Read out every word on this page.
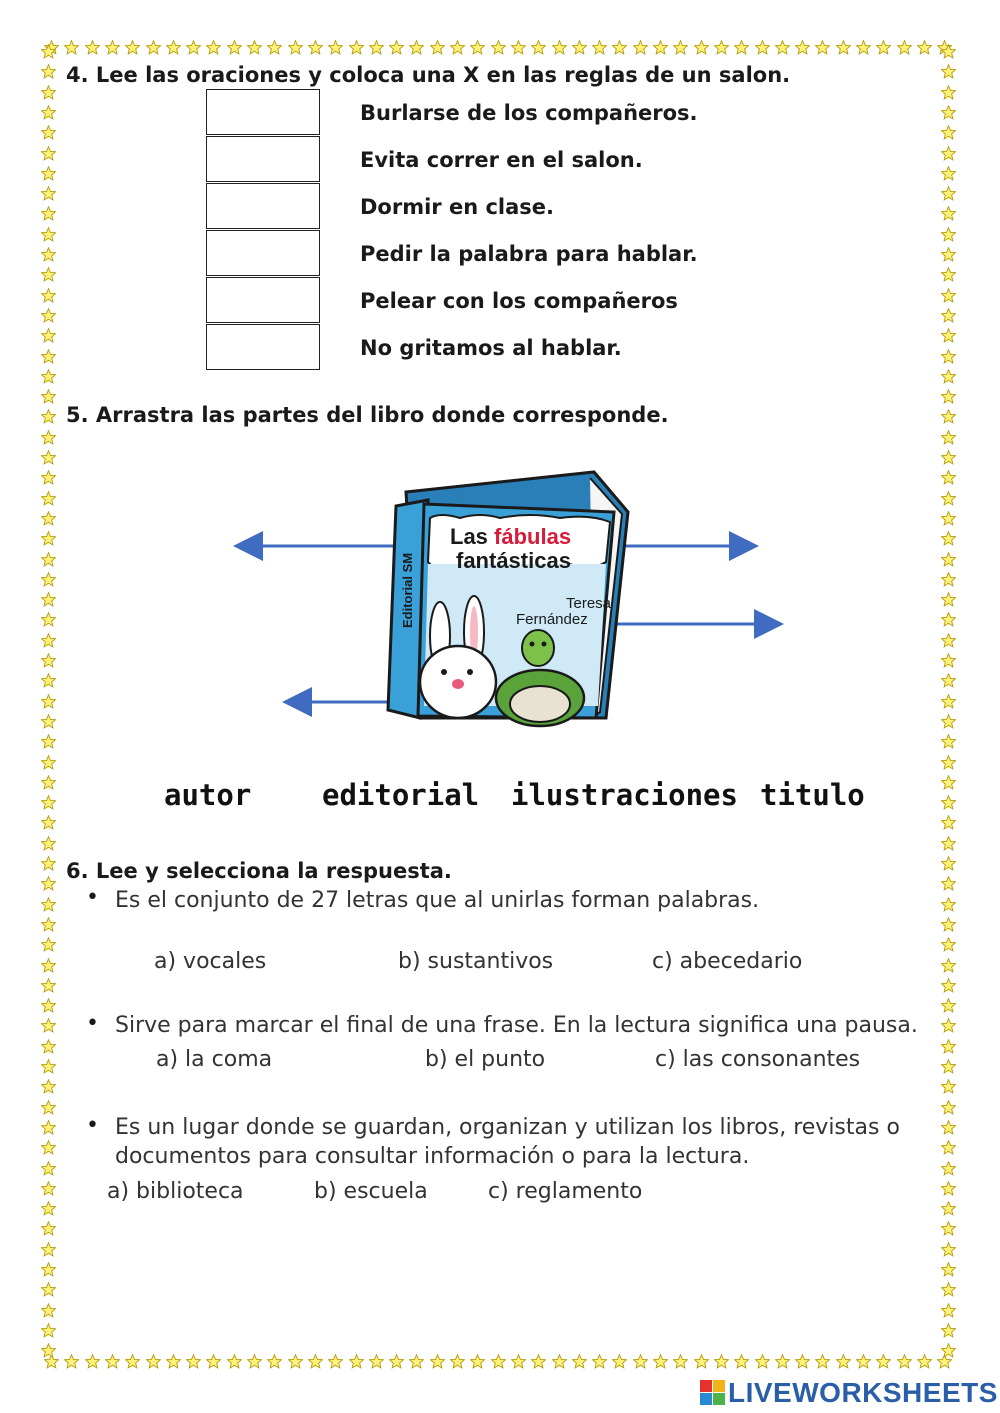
4. Lee las oraciones y coloca una X en las reglas de un salon.
Burlarse de los compañeros.
Evita correr en el salon.
Dormir en clase.
Pedir la palabra para hablar.
Pelear con los compañeros
No gritamos al hablar.
5. Arrastra las partes del libro donde corresponde.
Las fábulas
fantásticas
Teresa
Fernández
Editorial SM
autor editorial ilustraciones titulo
6. Lee y selecciona la respuesta.
• Es el conjunto de 27 letras que al unirlas forman palabras.
a) vocales	b) sustantivos	c) abecedario
• Sirve para marcar el final de una frase. En la lectura significa una pausa.
a) la coma	b) el punto	c) las consonantes
• Es un lugar donde se guardan, organizan y utilizan los libros, revistas o
documentos para consultar información o para la lectura.
a) biblioteca	b) escuela	c) reglamento
LIVEWORKSHEETS
